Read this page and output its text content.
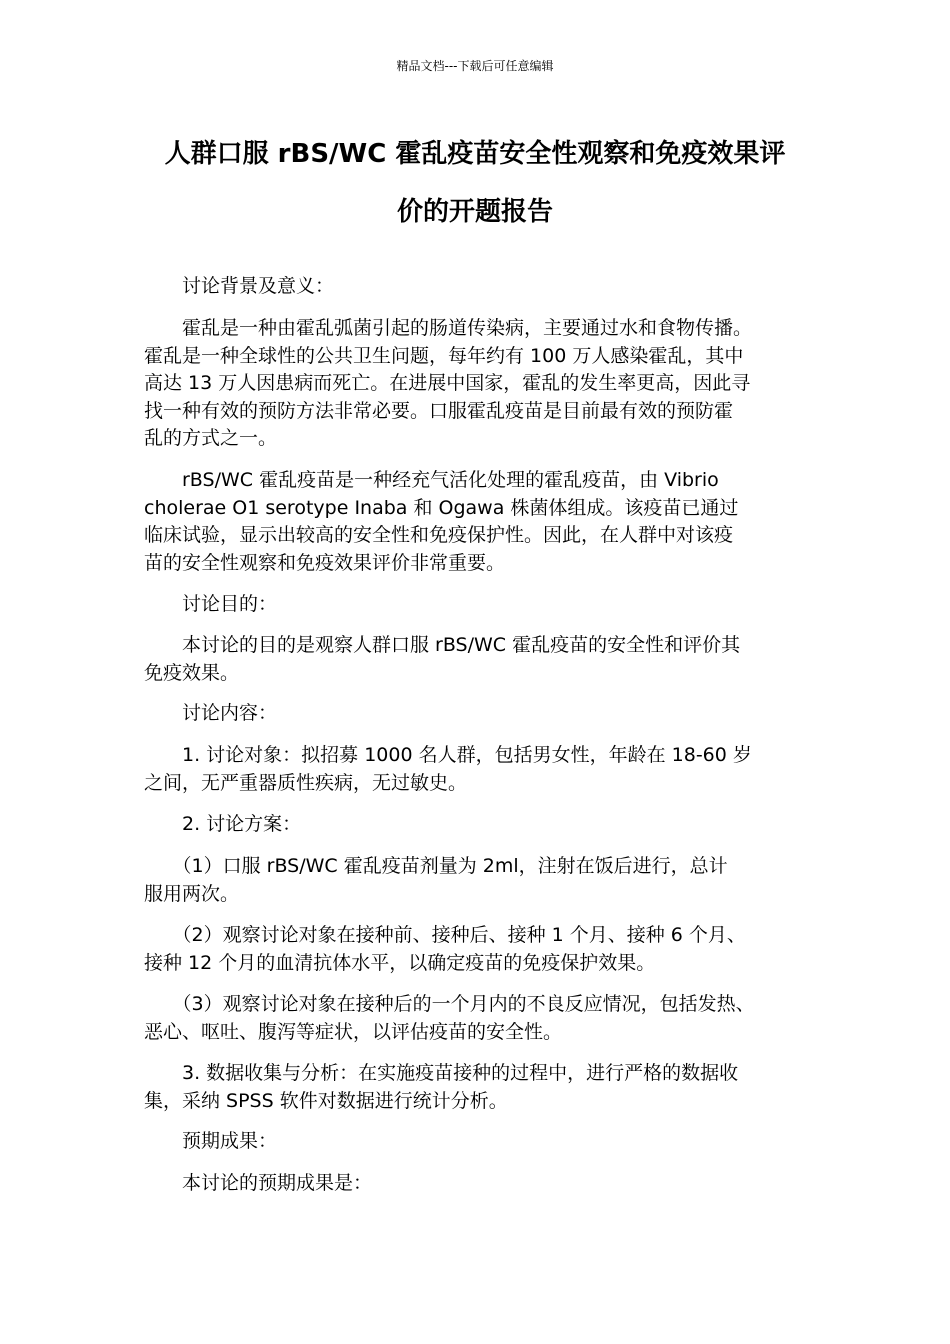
精品文档---下载后可任意编辑
人群口服 rBS/WC 霍乱疫苗安全性观察和免疫效果评
价的开题报告
　　讨论背景及意义：
　　霍乱是一种由霍乱弧菌引起的肠道传染病，主要通过水和食物传播。
霍乱是一种全球性的公共卫生问题，每年约有 100 万人感染霍乱，其中
高达 13 万人因患病而死亡。在进展中国家，霍乱的发生率更高，因此寻
找一种有效的预防方法非常必要。口服霍乱疫苗是目前最有效的预防霍
乱的方式之一。
　　rBS/WC 霍乱疫苗是一种经充气活化处理的霍乱疫苗，由 Vibrio
cholerae O1 serotype Inaba 和 Ogawa 株菌体组成。该疫苗已通过
临床试验，显示出较高的安全性和免疫保护性。因此，在人群中对该疫
苗的安全性观察和免疫效果评价非常重要。
　　讨论目的：
　　本讨论的目的是观察人群口服 rBS/WC 霍乱疫苗的安全性和评价其
免疫效果。
　　讨论内容：
　　1. 讨论对象：拟招募 1000 名人群，包括男女性，年龄在 18-60 岁
之间，无严重器质性疾病，无过敏史。
　　2. 讨论方案：
　　（1）口服 rBS/WC 霍乱疫苗剂量为 2ml，注射在饭后进行，总计
服用两次。
　　（2）观察讨论对象在接种前、接种后、接种 1 个月、接种 6 个月、
接种 12 个月的血清抗体水平，以确定疫苗的免疫保护效果。
　　（3）观察讨论对象在接种后的一个月内的不良反应情况，包括发热、
恶心、呕吐、腹泻等症状，以评估疫苗的安全性。
　　3. 数据收集与分析：在实施疫苗接种的过程中，进行严格的数据收
集，采纳 SPSS 软件对数据进行统计分析。
　　预期成果：
　　本讨论的预期成果是：
